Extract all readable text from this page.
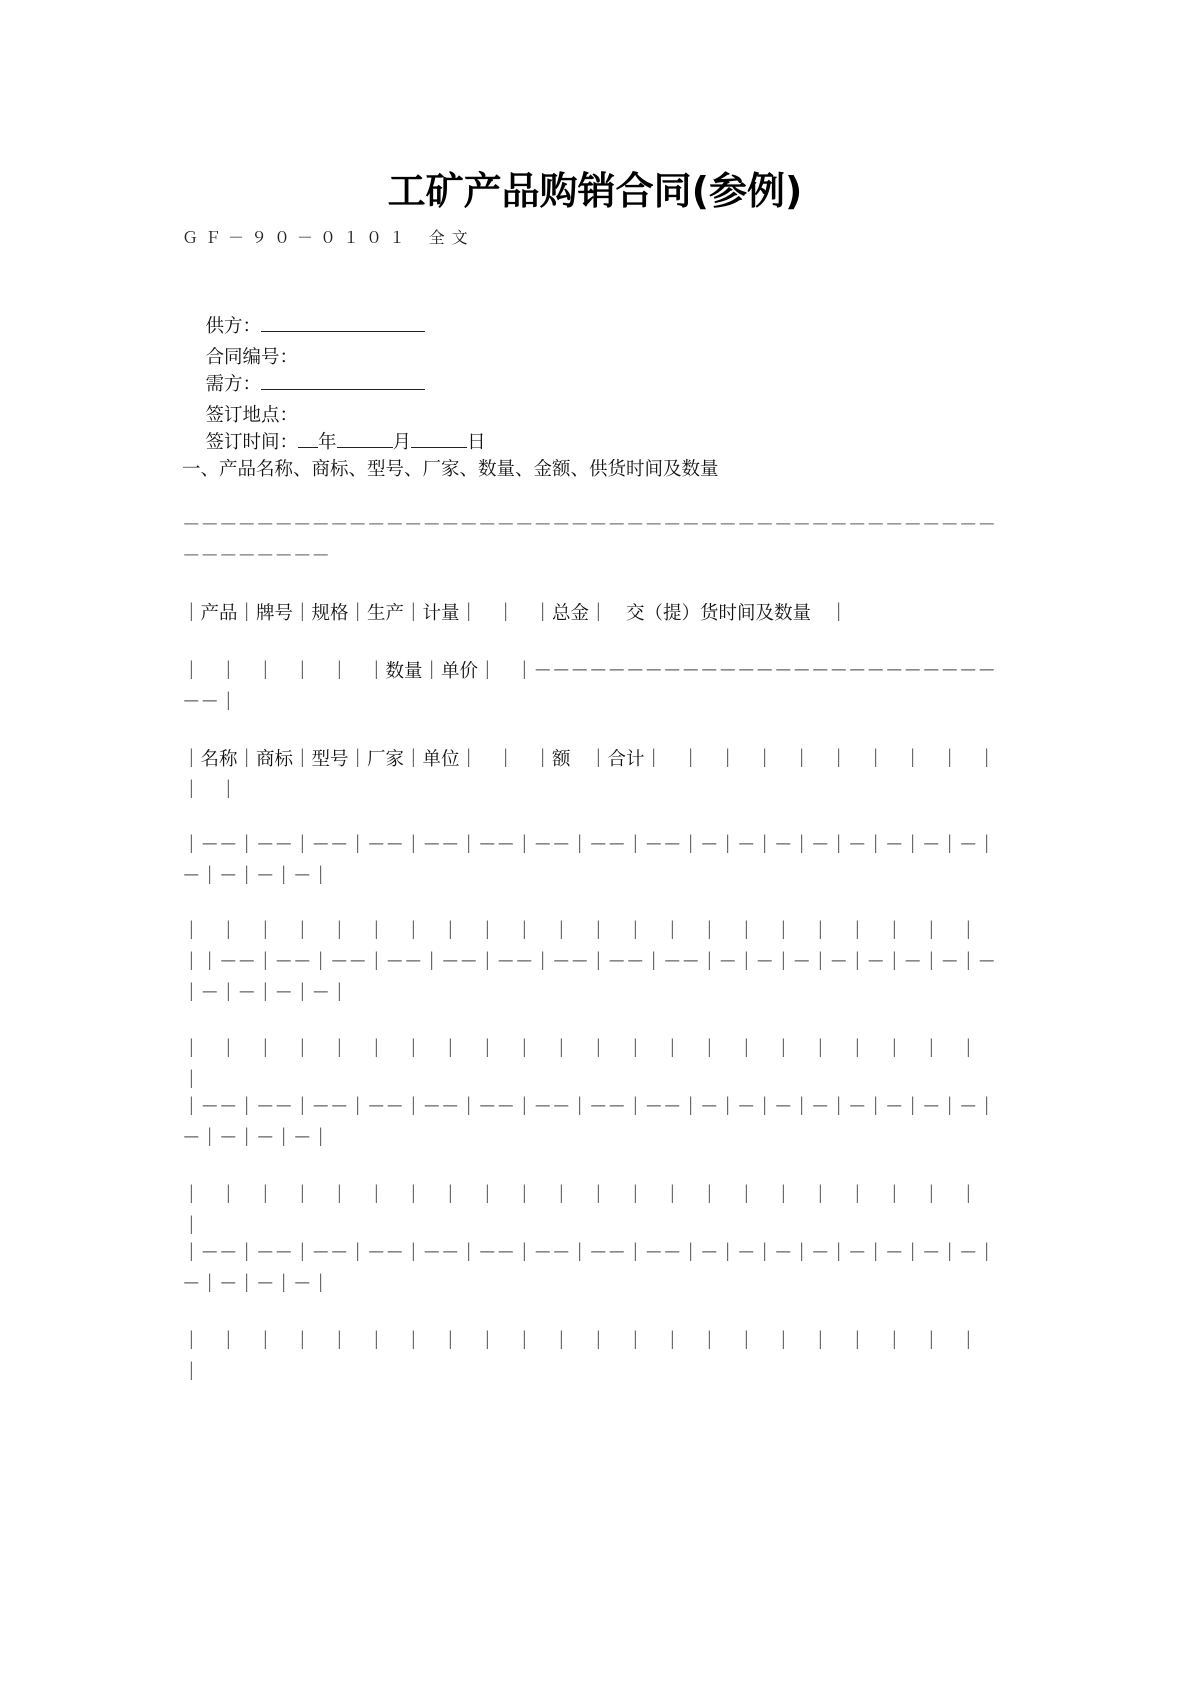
工矿产品购销合同(参例)
ＧＦ－９０－０１０１ 全文

供方：
合同编号：

需方：
签订地点：

签订时间： 年	月	日

一、产品名称、商标、型号、厂家、数量、金额、供货时间及数量
－－－－－－－－－－－－－－－－－－－－－－－－－－－－－－－－－－－－－－－－－－－－－－－－－－－－
｜产品｜牌号｜规格｜生产｜计量｜　｜　｜总金｜　交（提）货时间及数量　｜
｜　｜　｜　｜　｜　｜数量｜单价｜　｜－－－－－－－－－－－－－－－－－－－－－－－－－－－｜
｜名称｜商标｜型号｜厂家｜单位｜　｜　｜额　｜合计｜　｜　｜　｜　｜　｜　｜　｜　｜　｜　｜　｜
｜－－｜－－｜－－｜－－｜－－｜－－｜－－｜－－｜－－｜－｜－｜－｜－｜－｜－｜－｜－｜－｜－｜－｜－｜
｜　｜　｜　｜　｜　｜　｜　｜　｜　｜　｜　｜　｜　｜　｜　｜　｜　｜　｜　｜　｜　｜　｜｜－－｜－－｜－－｜－－｜－－｜－－｜－－｜－－｜－－｜－｜－｜－｜－｜－｜－｜－｜－｜－｜－｜－｜－｜
｜　｜　｜　｜　｜　｜　｜　｜　｜　｜　｜　｜　｜　｜　｜　｜　｜　｜　｜　｜　｜　｜　｜
｜－－｜－－｜－－｜－－｜－－｜－－｜－－｜－－｜－－｜－｜－｜－｜－｜－｜－｜－｜－｜－｜－｜－｜－｜
｜　｜　｜　｜　｜　｜　｜　｜　｜　｜　｜　｜　｜　｜　｜　｜　｜　｜　｜　｜　｜　｜　｜
｜－－｜－－｜－－｜－－｜－－｜－－｜－－｜－－｜－－｜－｜－｜－｜－｜－｜－｜－｜－｜－｜－｜－｜－｜
｜　｜　｜　｜　｜　｜　｜　｜　｜　｜　｜　｜　｜　｜　｜　｜　｜　｜　｜　｜　｜　｜　｜
